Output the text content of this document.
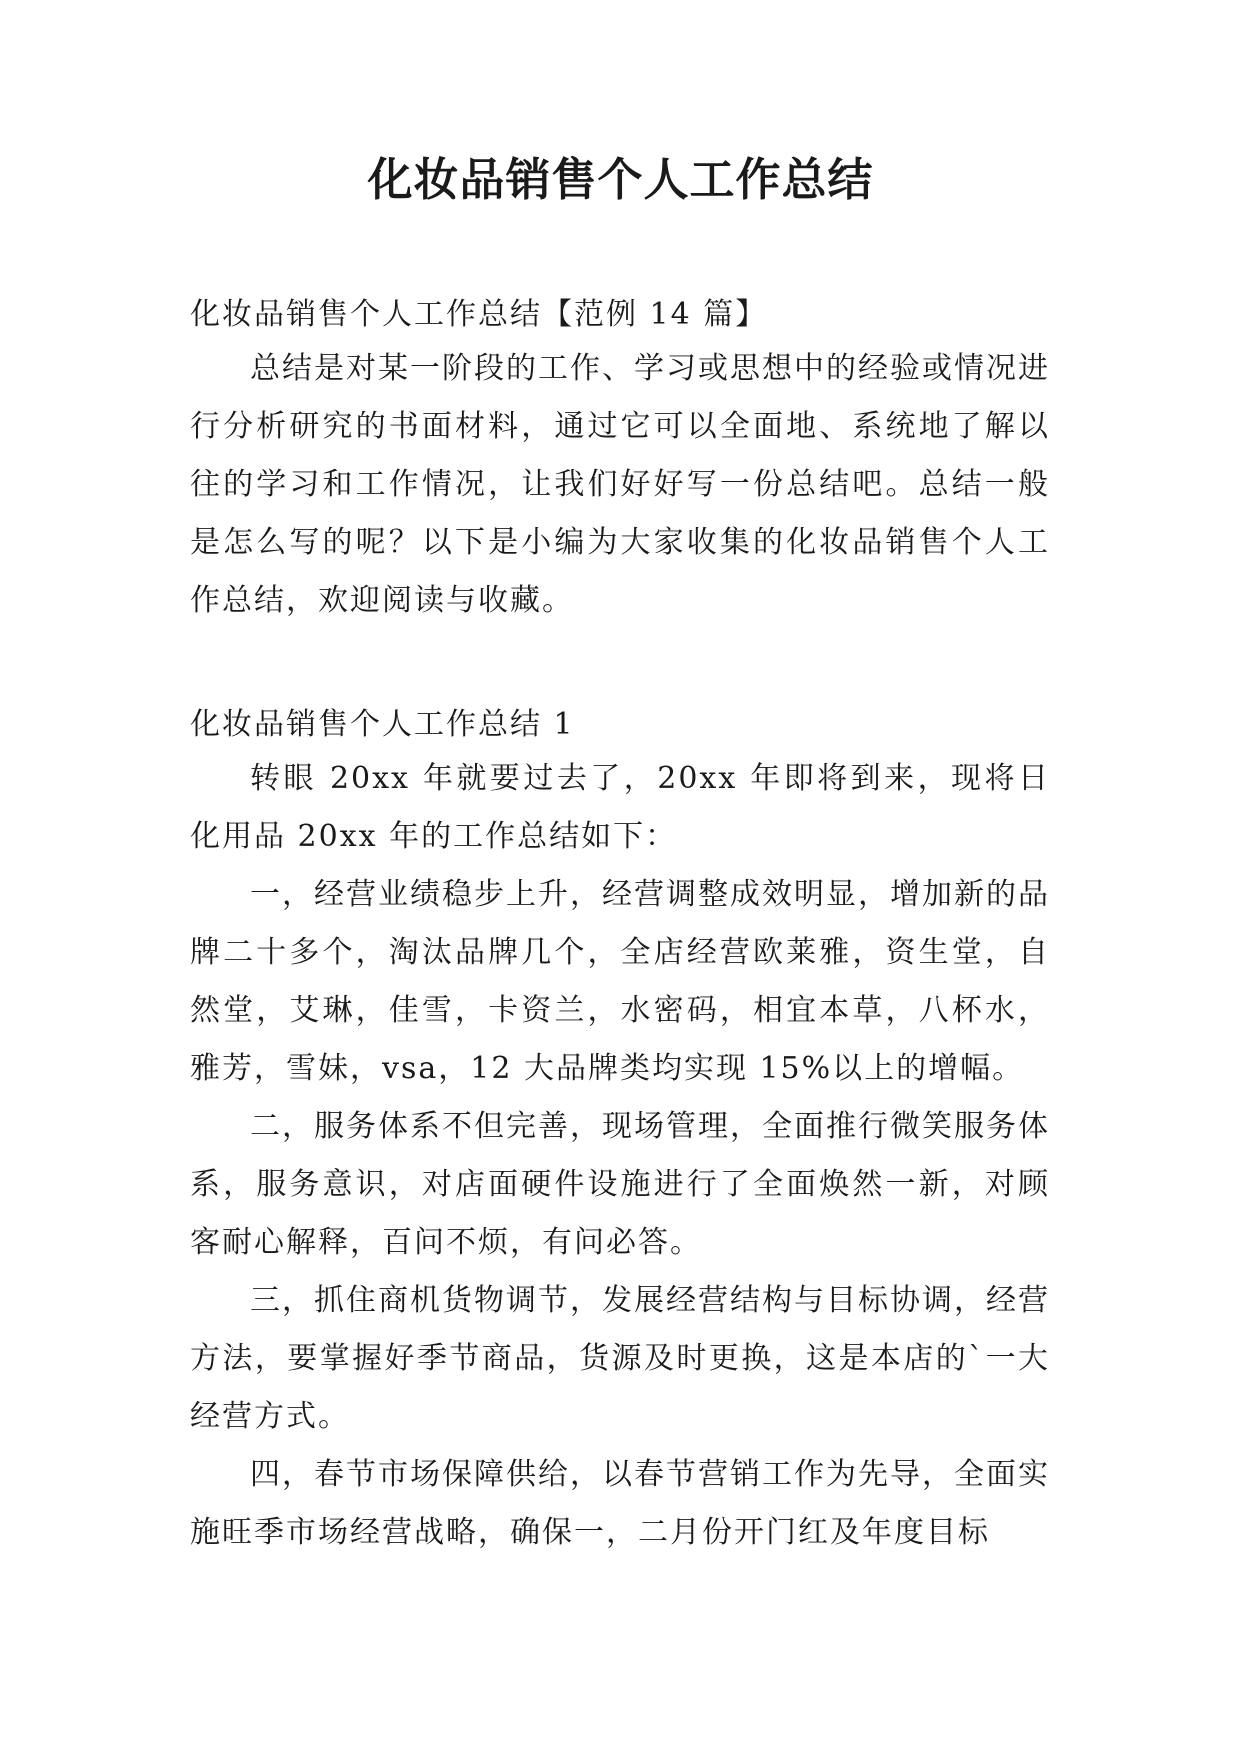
化妆品销售个人工作总结
化妆品销售个人工作总结【范例 14 篇】

总结是对某一阶段的工作、学习或思想中的经验或情况进行分析研究的书面材料，通过它可以全面地、系统地了解以往的学习和工作情况，让我们好好写一份总结吧。总结一般是怎么写的呢？以下是小编为大家收集的化妆品销售个人工作总结，欢迎阅读与收藏。

化妆品销售个人工作总结 1

转眼 20xx 年就要过去了，20xx 年即将到来，现将日化用品 20xx 年的工作总结如下：

一，经营业绩稳步上升，经营调整成效明显，增加新的品牌二十多个，淘汰品牌几个，全店经营欧莱雅，资生堂，自然堂，艾琳，佳雪，卡资兰，水密码，相宜本草，八杯水，雅芳，雪妹，vsa，12 大品牌类均实现 15%以上的增幅。

二，服务体系不但完善，现场管理，全面推行微笑服务体系，服务意识，对店面硬件设施进行了全面焕然一新，对顾客耐心解释，百问不烦，有问必答。

三，抓住商机货物调节，发展经营结构与目标协调，经营方法，要掌握好季节商品，货源及时更换，这是本店的`一大经营方式。

四，春节市场保障供给，以春节营销工作为先导，全面实施旺季市场经营战略，确保一，二月份开门红及年度目标
